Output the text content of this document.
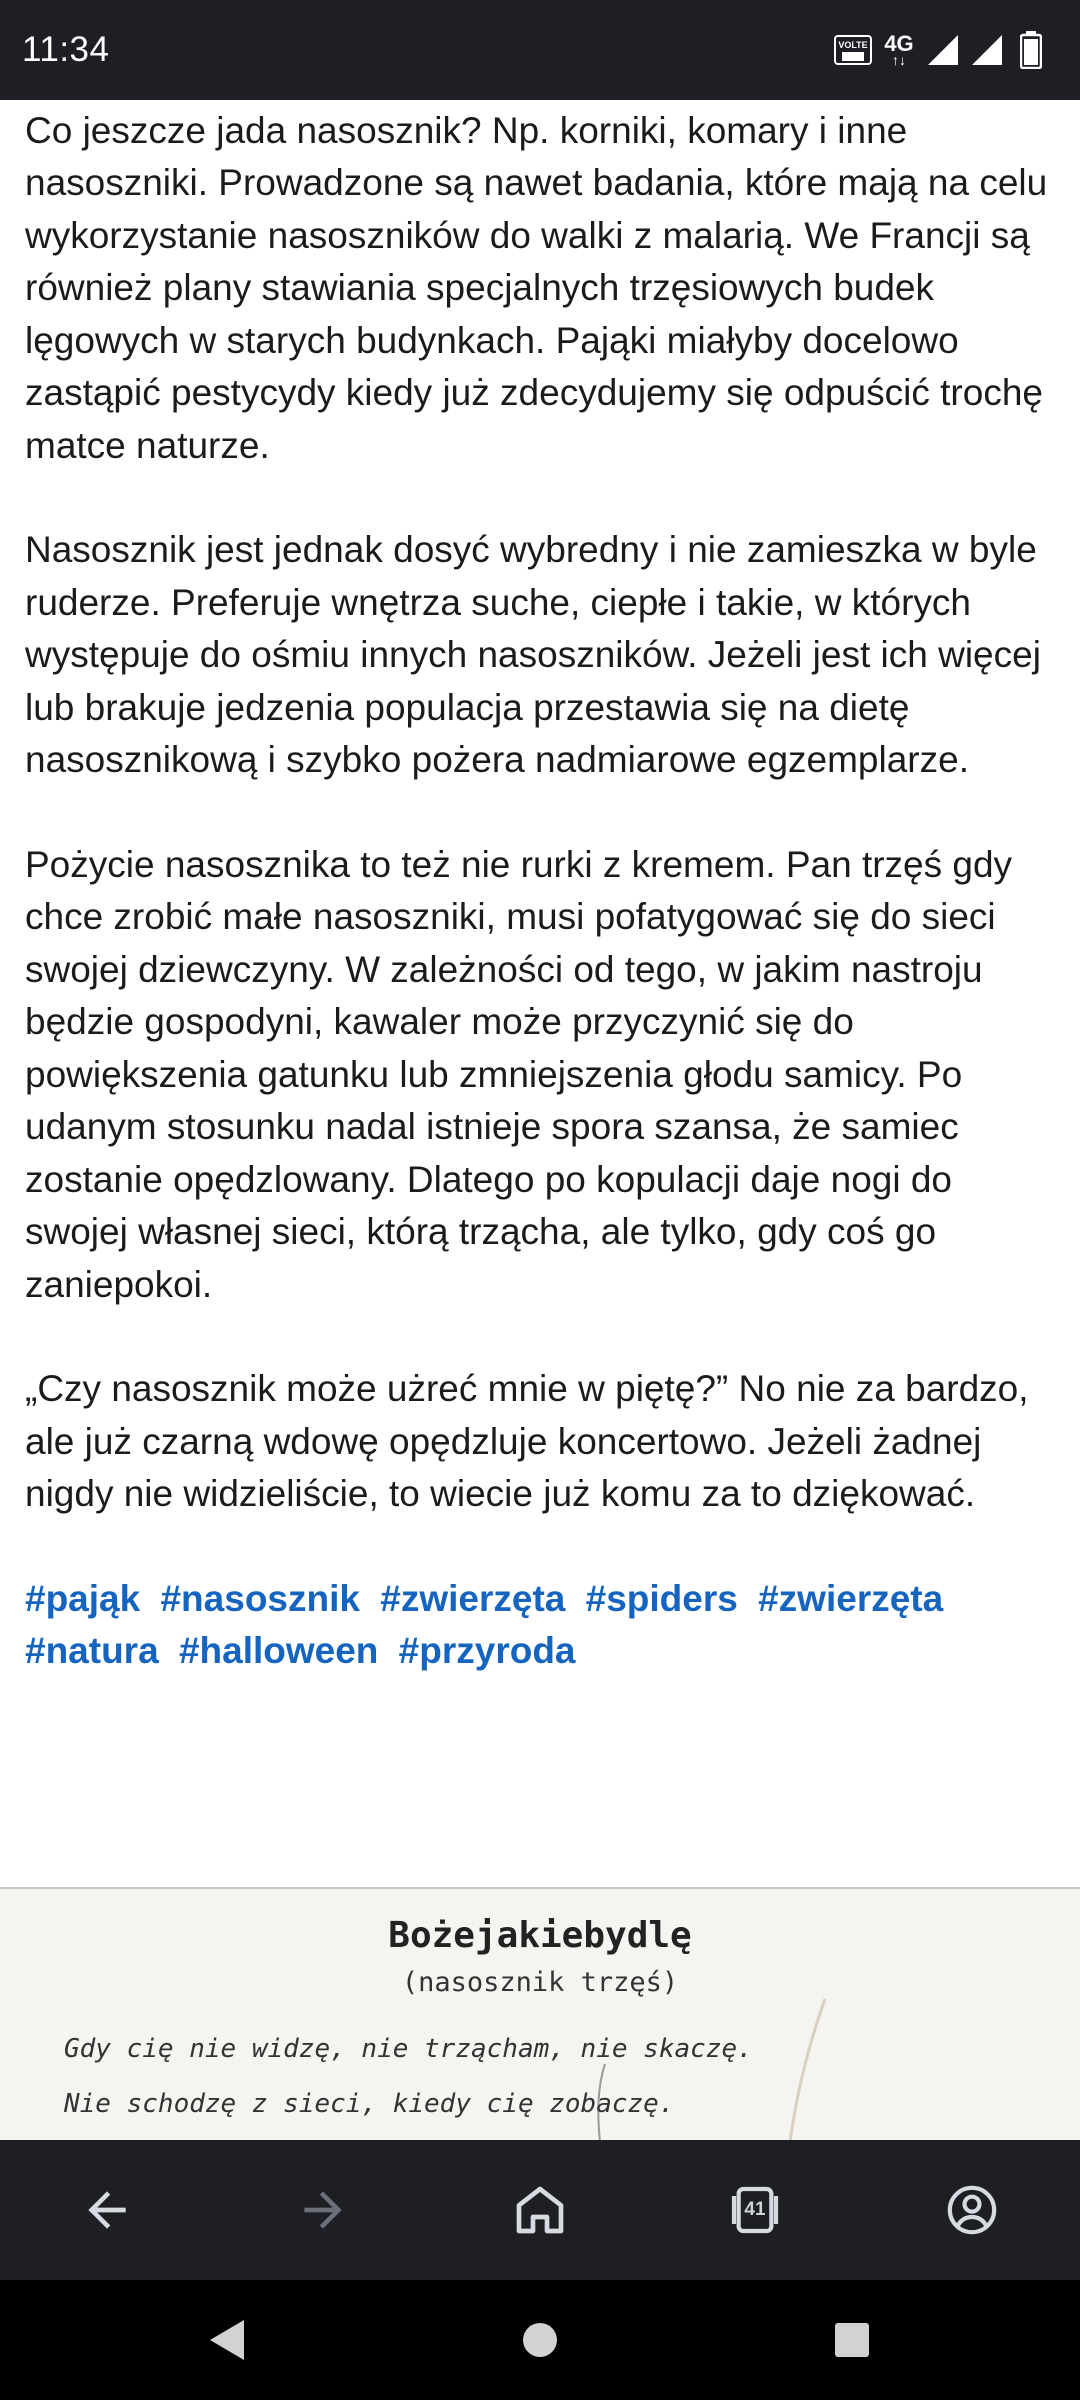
11:34	VOLTE 4G
↑↓

Co jeszcze jada nasosznik? Np. korniki, komary i inne nasoszniki. Prowadzone są nawet badania, które mają na celu wykorzystanie nasoszników do walki z malarią. We Francji są również plany stawiania specjalnych trzęsiowych budek lęgowych w starych budynkach. Pająki miałyby docelowo zastąpić pestycydy kiedy już zdecydujemy się odpuścić trochę matce naturze.

Nasosznik jest jednak dosyć wybredny i nie zamieszka w byle ruderze. Preferuje wnętrza suche, ciepłe i takie, w których występuje do ośmiu innych nasoszników. Jeżeli jest ich więcej lub brakuje jedzenia populacja przestawia się na dietę nasosznikową i szybko pożera nadmiarowe egzemplarze.

Pożycie nasosznika to też nie rurki z kremem. Pan trzęś gdy chce zrobić małe nasoszniki, musi pofatygować się do sieci swojej dziewczyny. W zależności od tego, w jakim nastroju będzie gospodyni, kawaler może przyczynić się do powiększenia gatunku lub zmniejszenia głodu samicy. Po udanym stosunku nadal istnieje spora szansa, że samiec zostanie opędzlowany. Dlatego po kopulacji daje nogi do swojej własnej sieci, którą trzącha, ale tylko, gdy coś go zaniepokoi.

„Czy nasosznik może użreć mnie w piętę?” No nie za bardzo, ale już czarną wdowę opędzluje koncertowo. Jeżeli żadnej nigdy nie widzieliście, to wiecie już komu za to dziękować.

#pająk #nasosznik #zwierzęta #spiders #zwierzęta #natura #halloween #przyroda
Bożejakiebydlę
(nasosznik trzęś)
Gdy cię nie widzę, nie trzącham, nie skaczę.
Nie schodzę z sieci, kiedy cię zobaczę.
41
